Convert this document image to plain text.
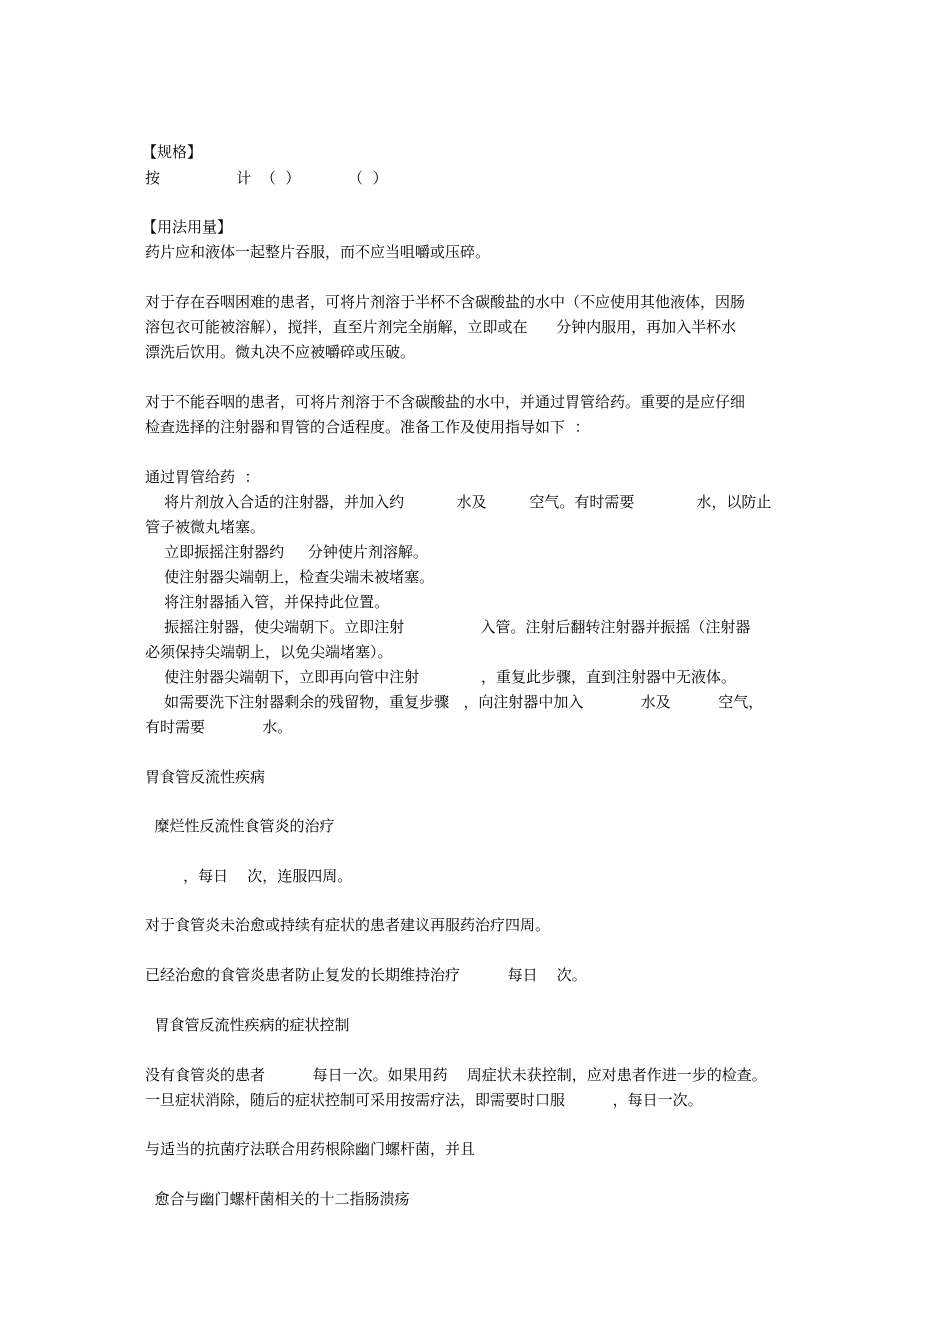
【规格】
按                计  （  ）          （  ）
【用法用量】
药片应和液体一起整片吞服，而不应当咀嚼或压碎。
对于存在吞咽困难的患者，可将片剂溶于半杯不含碳酸盐的水中（不应使用其他液体，因肠
溶包衣可能被溶解），搅拌，直至片剂完全崩解，立即或在      分钟内服用，再加入半杯水
漂洗后饮用。微丸决不应被嚼碎或压破。
对于不能吞咽的患者，可将片剂溶于不含碳酸盐的水中，并通过胃管给药。重要的是应仔细
检查选择的注射器和胃管的合适程度。准备工作及使用指导如下  ：
通过胃管给药  ：
将片剂放入合适的注射器，并加入约           水及         空气。有时需要             水，以防止
管子被微丸堵塞。
立即振摇注射器约     分钟使片剂溶解。
使注射器尖端朝上，检查尖端未被堵塞。
将注射器插入管，并保持此位置。
振摇注射器，使尖端朝下。立即注射                入管。注射后翻转注射器并振摇（注射器
必须保持尖端朝上，以免尖端堵塞）。
使注射器尖端朝下，立即再向管中注射             ，重复此步骤，直到注射器中无液体。
如需要洗下注射器剩余的残留物，重复步骤   ，向注射器中加入            水及          空气，
有时需要            水。
胃食管反流性疾病
糜烂性反流性食管炎的治疗
，每日    次，连服四周。
对于食管炎未治愈或持续有症状的患者建议再服药治疗四周。
已经治愈的食管炎患者防止复发的长期维持治疗          每日    次。
胃食管反流性疾病的症状控制
没有食管炎的患者          每日一次。如果用药    周症状未获控制，应对患者作进一步的检查。
一旦症状消除，随后的症状控制可采用按需疗法，即需要时口服          ，每日一次。
与适当的抗菌疗法联合用药根除幽门螺杆菌，并且
愈合与幽门螺杆菌相关的十二指肠溃疡
